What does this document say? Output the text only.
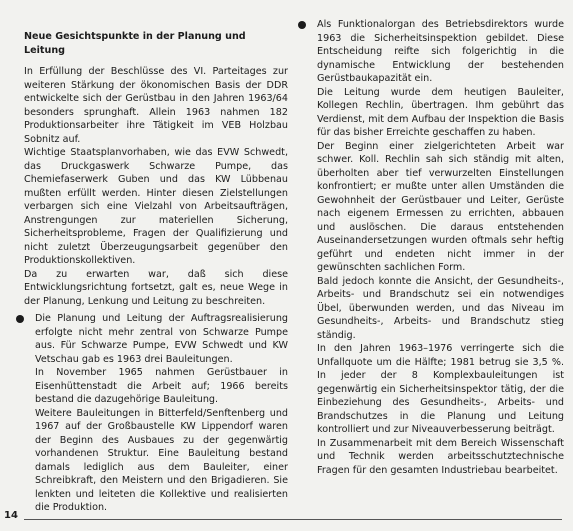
Neue Gesichtspunkte in der Planung und Leitung

In Erfüllung der Beschlüsse des VI. Parteitages zur weiteren Stärkung der ökonomischen Basis der DDR entwickelte sich der Gerüstbau in den Jahren 1963/64 besonders sprunghaft. Allein 1963 nahmen 182 Produktionsarbeiter ihre Tätigkeit im VEB Holzbau Sobnitz auf.

Wichtige Staatsplanvorhaben, wie das EVW Schwedt, das Druckgaswerk Schwarze Pumpe, das Chemiefaserwerk Guben und das KW Lübbenau mußten erfüllt werden. Hinter diesen Zielstellungen verbargen sich eine Vielzahl von Arbeitsaufträgen, Anstrengungen zur materiellen Sicherung, Sicherheitsprobleme, Fragen der Qualifizierung und nicht zuletzt Überzeugungsarbeit gegenüber den Produktionskollektiven.

Da zu erwarten war, daß sich diese Entwicklungsrichtung fortsetzt, galt es, neue Wege in der Planung, Lenkung und Leitung zu beschreiten.

Die Planung und Leitung der Auftragsrealisierung erfolgte nicht mehr zentral von Schwarze Pumpe aus. Für Schwarze Pumpe, EVW Schwedt und KW Vetschau gab es 1963 drei Bauleitungen.

In November 1965 nahmen Gerüstbauer in Eisenhüttenstadt die Arbeit auf; 1966 bereits bestand die dazugehörige Bauleitung.

Weitere Bauleitungen in Bitterfeld/Senftenberg und 1967 auf der Großbaustelle KW Lippendorf waren der Beginn des Ausbaues zu der gegenwärtig vorhandenen Struktur. Eine Bauleitung bestand damals lediglich aus dem Bauleiter, einer Schreibkraft, den Meistern und den Brigadieren. Sie lenkten und leiteten die Kollektive und realisierten die Produktion.

Als Funktionalorgan des Betriebsdirektors wurde 1963 die Sicherheitsinspektion gebildet. Diese Entscheidung reifte sich folgerichtig in die dynamische Entwicklung der bestehenden Gerüstbaukapazität ein.

Die Leitung wurde dem heutigen Bauleiter, Kollegen Rechlin, übertragen. Ihm gebührt das Verdienst, mit dem Aufbau der Inspektion die Basis für das bisher Erreichte geschaffen zu haben.

Der Beginn einer zielgerichteten Arbeit war schwer. Koll. Rechlin sah sich ständig mit alten, überholten aber tief verwurzelten Einstellungen konfrontiert; er mußte unter allen Umständen die Gewohnheit der Gerüstbauer und Leiter, Gerüste nach eigenem Ermessen zu errichten, abbauen und auslöschen. Die daraus entstehenden Auseinandersetzungen wurden oftmals sehr heftig geführt und endeten nicht immer in der gewünschten sachlichen Form.

Bald jedoch konnte die Ansicht, der Gesundheits-, Arbeits- und Brandschutz sei ein notwendiges Übel, überwunden werden, und das Niveau im Gesundheits-, Arbeits- und Brandschutz stieg ständig.

In den Jahren 1963–1976 verringerte sich die Unfallquote um die Hälfte; 1981 betrug sie 3,5 %. In jeder der 8 Komplexbauleitungen ist gegenwärtig ein Sicherheitsinspektor tätig, der die Einbeziehung des Gesundheits-, Arbeits- und Brandschutzes in die Planung und Leitung kontrolliert und zur Niveauverbesserung beiträgt.

In Zusammenarbeit mit dem Bereich Wissenschaft und Technik werden arbeitsschutztechnische Fragen für den gesamten Industriebau bearbeitet.

14
